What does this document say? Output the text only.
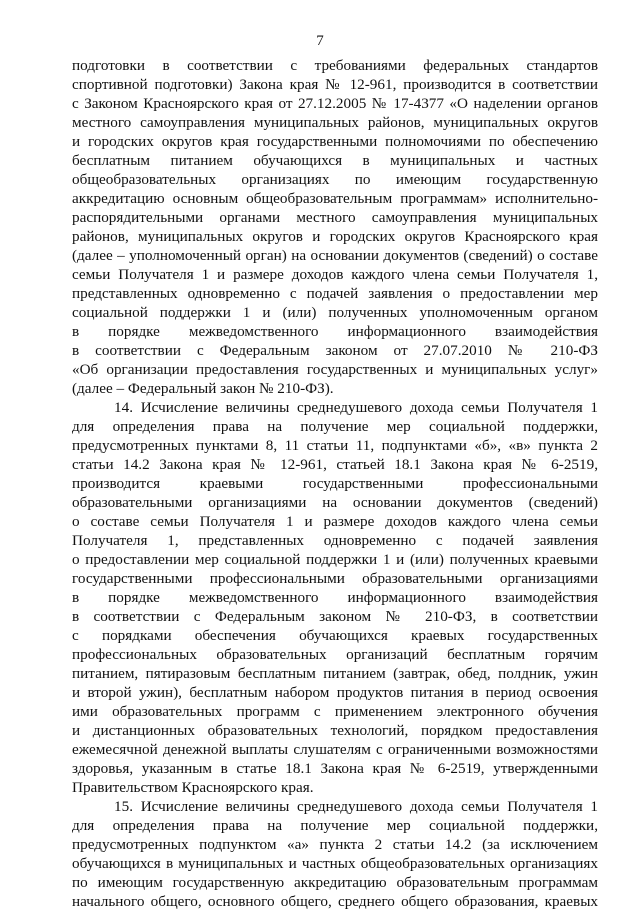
7
подготовки в соответствии с требованиями федеральных стандартов
спортивной подготовки) Закона края № 12-961, производится в соответствии
с Законом Красноярского края от 27.12.2005 № 17-4377 «О наделении органов
местного самоуправления муниципальных районов, муниципальных округов
и городских округов края государственными полномочиями по обеспечению
бесплатным питанием обучающихся в муниципальных и частных
общеобразовательных организациях по имеющим государственную
аккредитацию основным общеобразовательным программам» исполнительно-
распорядительными органами местного самоуправления муниципальных
районов, муниципальных округов и городских округов Красноярского края
(далее – уполномоченный орган) на основании документов (сведений) о составе
семьи Получателя 1 и размере доходов каждого члена семьи Получателя 1,
представленных одновременно с подачей заявления о предоставлении мер
социальной поддержки 1 и (или) полученных уполномоченным органом
в порядке межведомственного информационного взаимодействия
в соответствии с Федеральным законом от 27.07.2010 № 210-ФЗ
«Об организации предоставления государственных и муниципальных услуг»
(далее – Федеральный закон № 210-ФЗ).
14. Исчисление величины среднедушевого дохода семьи Получателя 1
для определения права на получение мер социальной поддержки,
предусмотренных пунктами 8, 11 статьи 11, подпунктами «б», «в» пункта 2
статьи 14.2 Закона края № 12-961, статьей 18.1 Закона края № 6-2519,
производится краевыми государственными профессиональными
образовательными организациями на основании документов (сведений)
о составе семьи Получателя 1 и размере доходов каждого члена семьи
Получателя 1, представленных одновременно с подачей заявления
о предоставлении мер социальной поддержки 1 и (или) полученных краевыми
государственными профессиональными образовательными организациями
в порядке межведомственного информационного взаимодействия
в соответствии с Федеральным законом № 210-ФЗ, в соответствии
с порядками обеспечения обучающихся краевых государственных
профессиональных образовательных организаций бесплатным горячим
питанием, пятиразовым бесплатным питанием (завтрак, обед, полдник, ужин
и второй ужин), бесплатным набором продуктов питания в период освоения
ими образовательных программ с применением электронного обучения
и дистанционных образовательных технологий, порядком предоставления
ежемесячной денежной выплаты слушателям с ограниченными возможностями
здоровья, указанным в статье 18.1 Закона края № 6-2519, утвержденными
Правительством Красноярского края.
15. Исчисление величины среднедушевого дохода семьи Получателя 1
для определения права на получение мер социальной поддержки,
предусмотренных подпунктом «а» пункта 2 статьи 14.2 (за исключением
обучающихся в муниципальных и частных общеобразовательных организациях
по имеющим государственную аккредитацию образовательным программам
начального общего, основного общего, среднего общего образования, краевых
